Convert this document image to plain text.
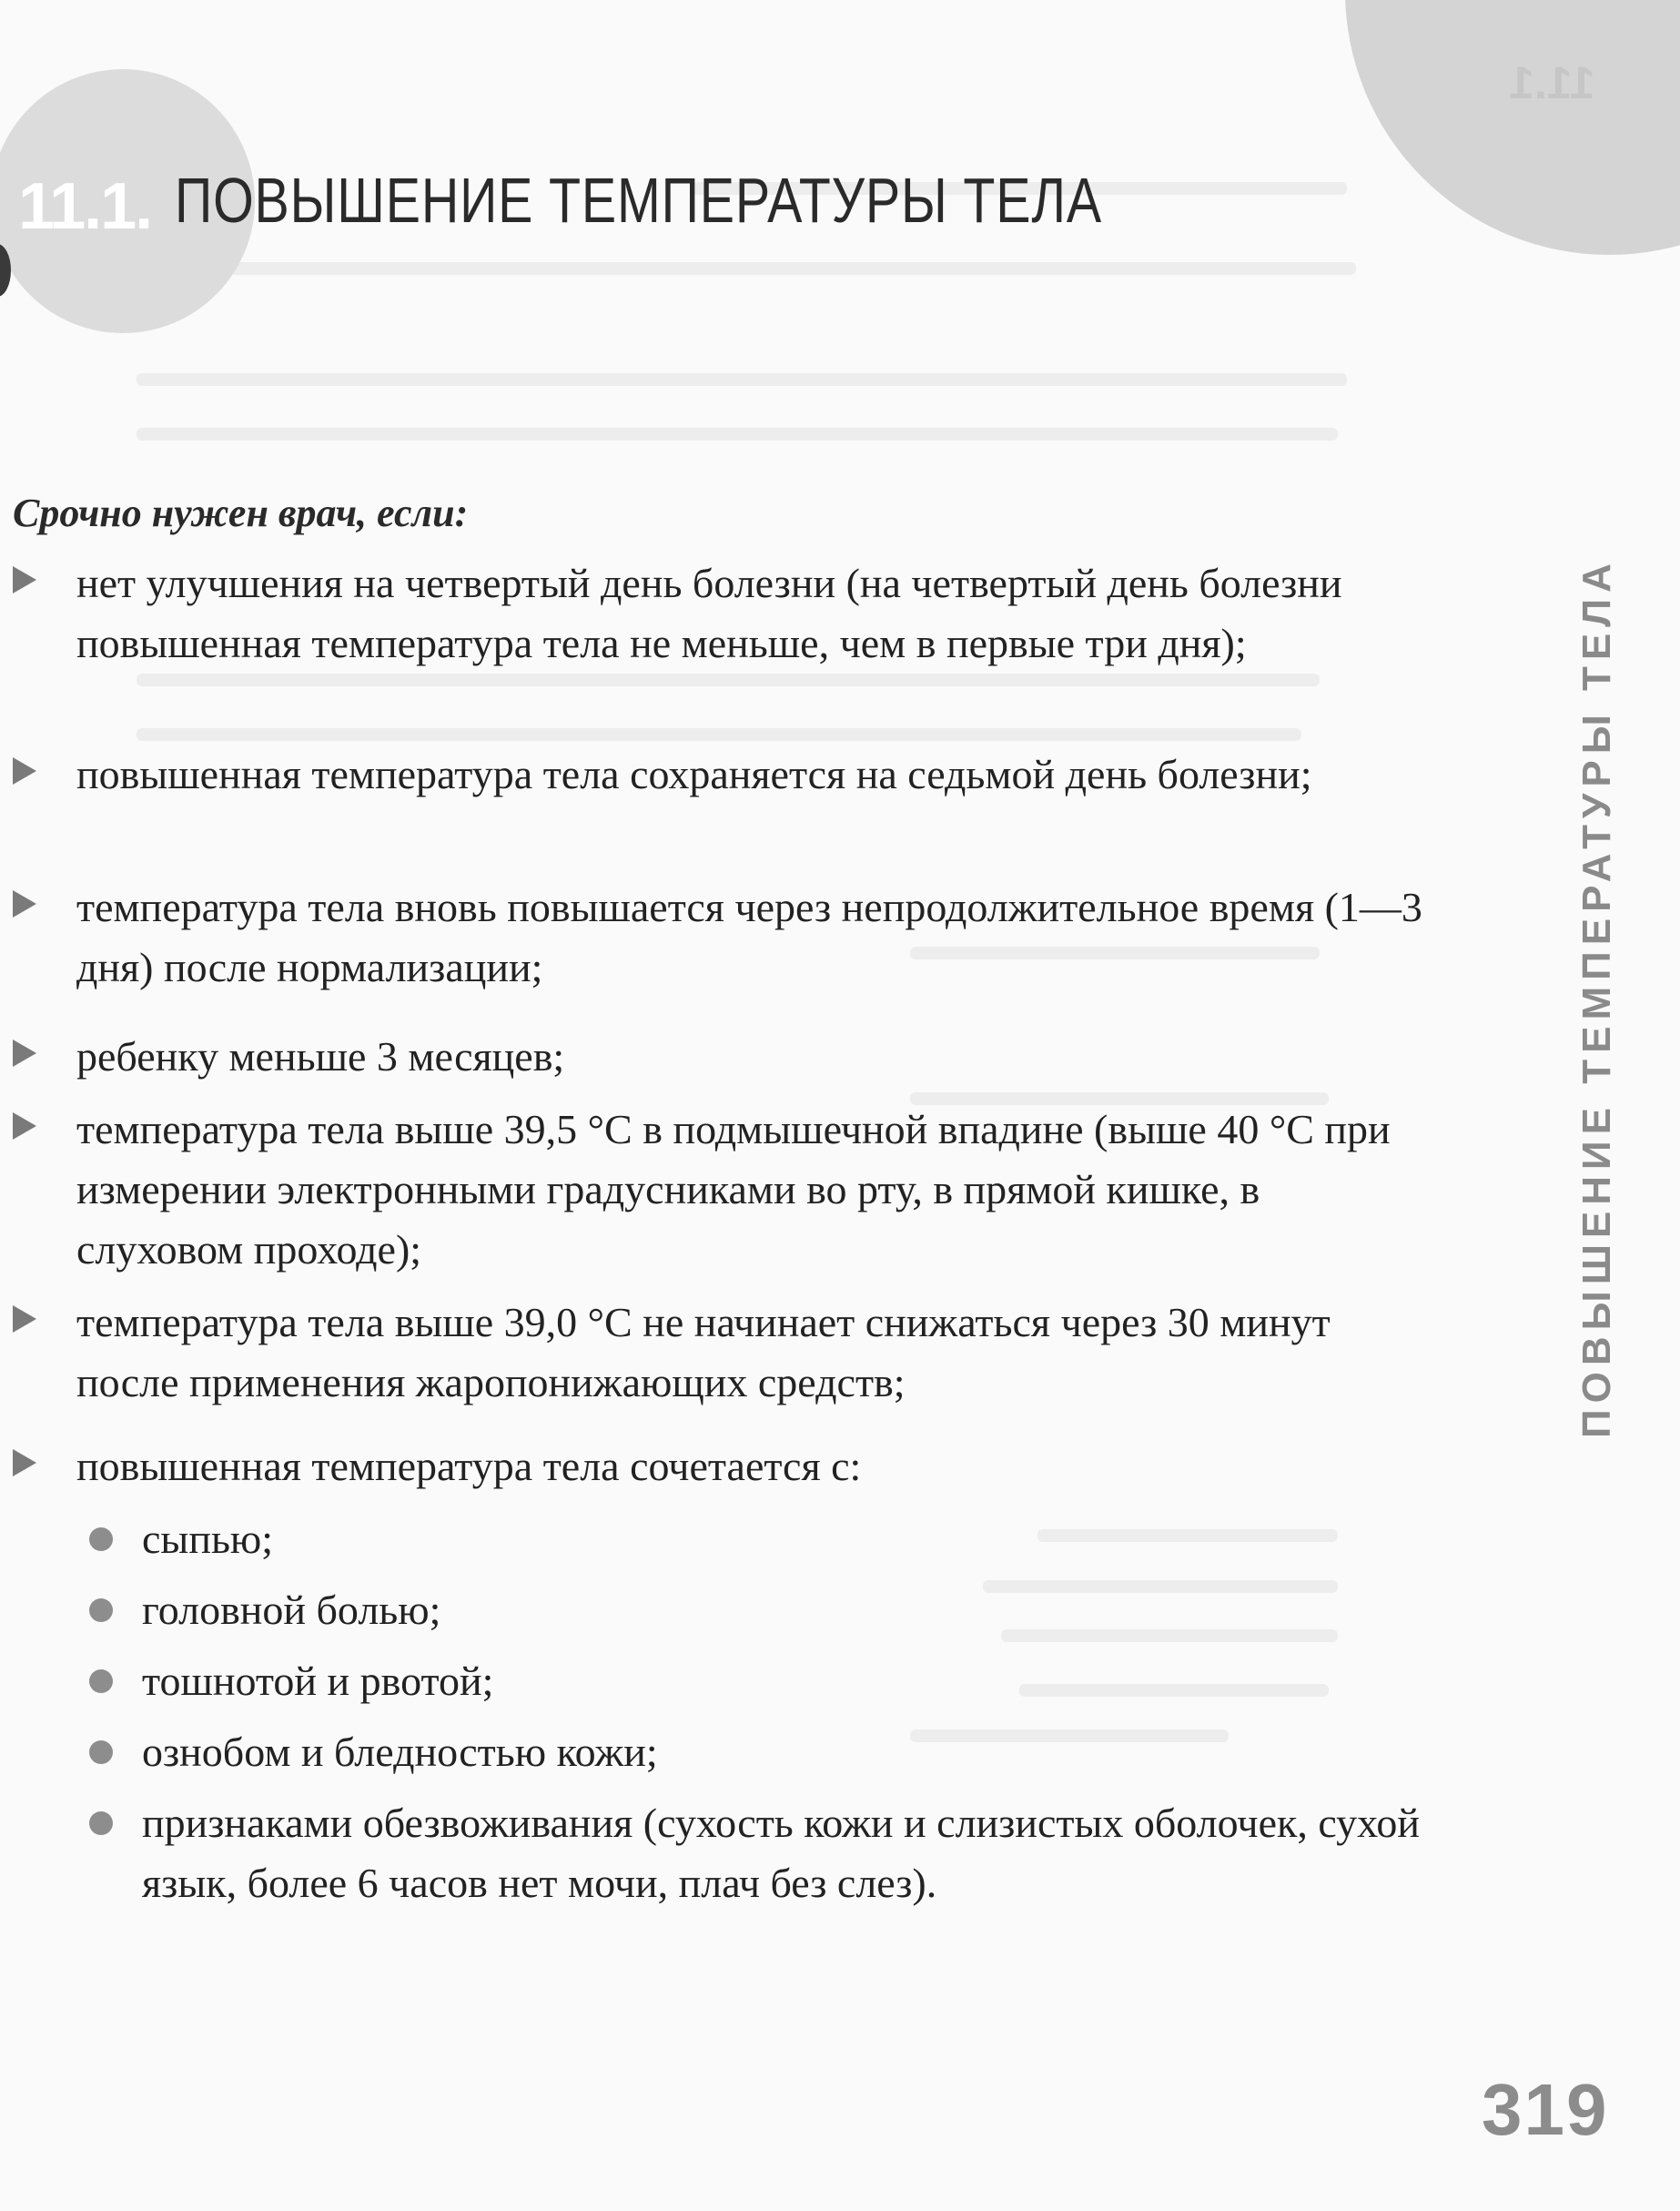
11.1
11.1. ПОВЫШЕНИЕ ТЕМПЕРАТУРЫ ТЕЛА
Срочно нужен врач, если:
нет улучшения на четвертый день болезни (на четвертый день болезни повышенная температура тела не меньше, чем в первые три дня);
повышенная температура тела сохраняется на седьмой день болезни;
температура тела вновь повышается через непродолжительное время (1—3 дня) после нормализации;
ребенку меньше 3 месяцев;
температура тела выше 39,5 °C в подмышечной впадине (выше 40 °C при измерении электронными градусниками во рту, в прямой кишке, в слуховом проходе);
температура тела выше 39,0 °C не начинает снижаться через 30 минут после применения жаропонижающих средств;
повышенная температура тела сочетается с:
сыпью;
головной болью;
тошнотой и рвотой;
ознобом и бледностью кожи;
признаками обезвоживания (сухость кожи и слизистых оболочек, сухой язык, более 6 часов нет мочи, плач без слез).
ПОВЫШЕНИЕ ТЕМПЕРАТУРЫ ТЕЛА
319
